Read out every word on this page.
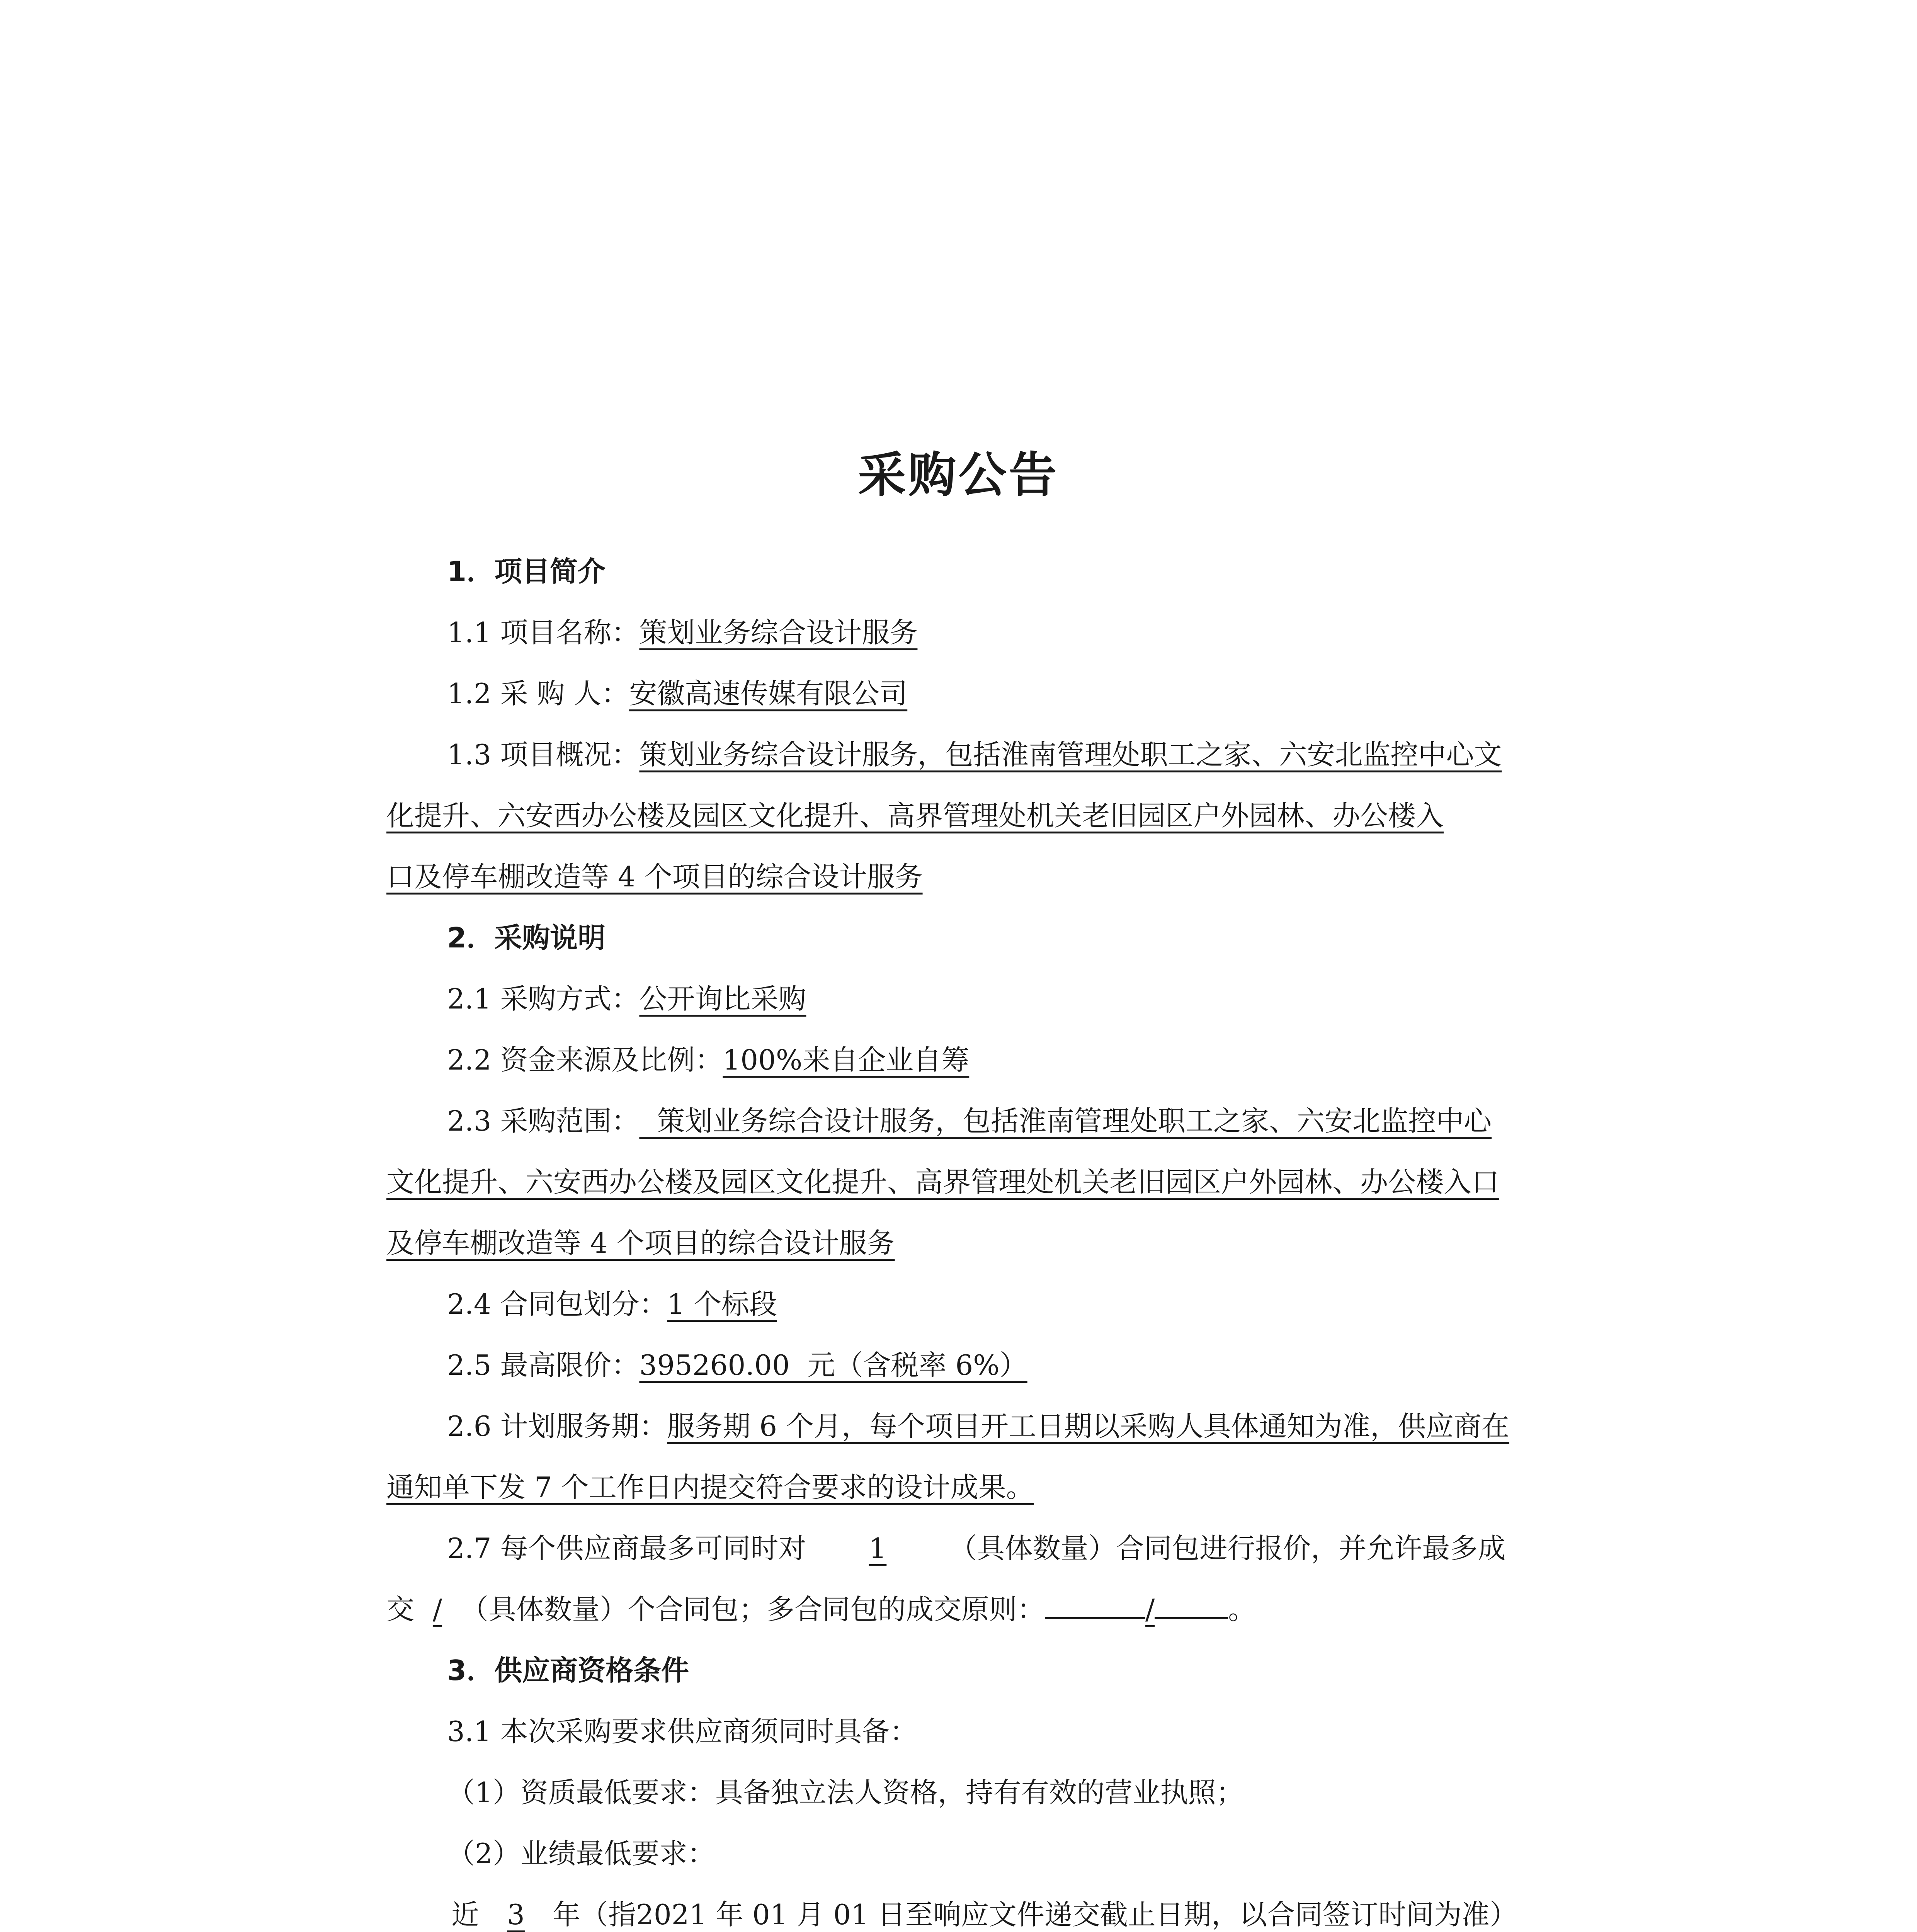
采购公告

1．项目简介

1.1 项目名称：策划业务综合设计服务

1.2 采 购 人：安徽高速传媒有限公司

1.3 项目概况：策划业务综合设计服务，包括淮南管理处职工之家、六安北监控中心文
化提升、六安西办公楼及园区文化提升、高界管理处机关老旧园区户外园林、办公楼入
口及停车棚改造等 4 个项目的综合设计服务

2．采购说明

2.1 采购方式：公开询比采购

2.2 资金来源及比例：100%来自企业自筹

2.3 采购范围：  策划业务综合设计服务，包括淮南管理处职工之家、六安北监控中心
文化提升、六安西办公楼及园区文化提升、高界管理处机关老旧园区户外园林、办公楼入口
及停车棚改造等 4 个项目的综合设计服务

2.4 合同包划分：1 个标段

2.5 最高限价：395260.00  元（含税率 6%）

2.6 计划服务期：服务期 6 个月，每个项目开工日期以采购人具体通知为准，供应商在
通知单下发 7 个工作日内提交符合要求的设计成果。

2.7 每个供应商最多可同时对 1 （具体数量）合同包进行报价，并允许最多成
交 / （具体数量）个合同包；多合同包的成交原则：	/	。

3．供应商资格条件

3.1 本次采购要求供应商须同时具备：

（1）资质最低要求：具备独立法人资格，持有有效的营业执照；

（2）业绩最低要求：

近 3 年（指2021 年 01 月 01 日至响应文件递交截止日期，以合同签订时间为准）
